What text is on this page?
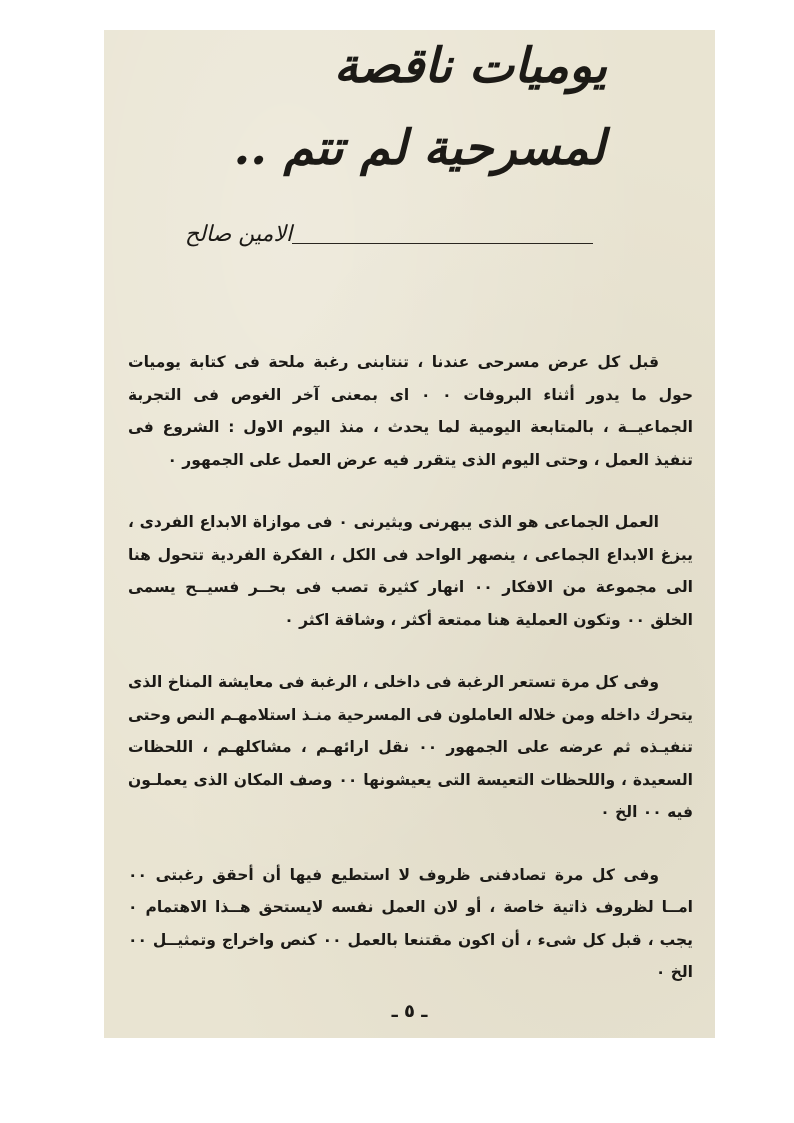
يوميات ناقصة
لمسرحية لم تتم ..
الامين صالح

قبل كل عرض مسرحى عندنا ، تنتابنى رغبة ملحة فى كتابة يوميات حول ما يدور أثناء البروفات ٠ ٠ اى بمعنى آخر الغوص فى التجربة الجماعيــة ، بالمتابعة اليومية لما يحدث ، منذ اليوم الاول : الشروع فى تنفيذ العمل ، وحتى اليوم الذى يتقرر فيه عرض العمل على الجمهور ٠

العمل الجماعى هو الذى يبهرنى ويثيرنى ٠ فى موازاة الابداع الفردى ، يبزغ الابداع الجماعى ، ينصهر الواحد فى الكل ، الفكرة الفردية تتحول هنا الى مجموعة من الافكار ٠٠ انهار كثيرة تصب فى بحــر فسيــح يسمى الخلق ٠٠ وتكون العملية هنا ممتعة أكثر ، وشاقة اكثر ٠

وفى كل مرة تستعر الرغبة فى داخلى ، الرغبة فى معايشة المناخ الذى يتحرك داخله ومن خلاله العاملون فى المسرحية منـذ استلامهـم النص وحتى تنفيـذه ثم عرضه على الجمهور ٠٠ نقل ارائهـم ، مشاكلهـم ، اللحظات السعيدة ، واللحظات التعيسة التى يعيشونها ٠٠ وصف المكان الذى يعملـون فيه ٠٠ الخ ٠

وفى كل مرة تصادفنى ظروف لا استطيع فيها أن أحقق رغبتى ٠٠ امــا لظروف ذاتية خاصة ، أو لان العمل نفسه لايستحق هــذا الاهتمام ٠ يجب ، قبل كل شىء ، أن اكون مقتنعا بالعمل ٠٠ كنص واخراج وتمثيــل ٠٠ الخ ٠

ـ ٥ ـ
